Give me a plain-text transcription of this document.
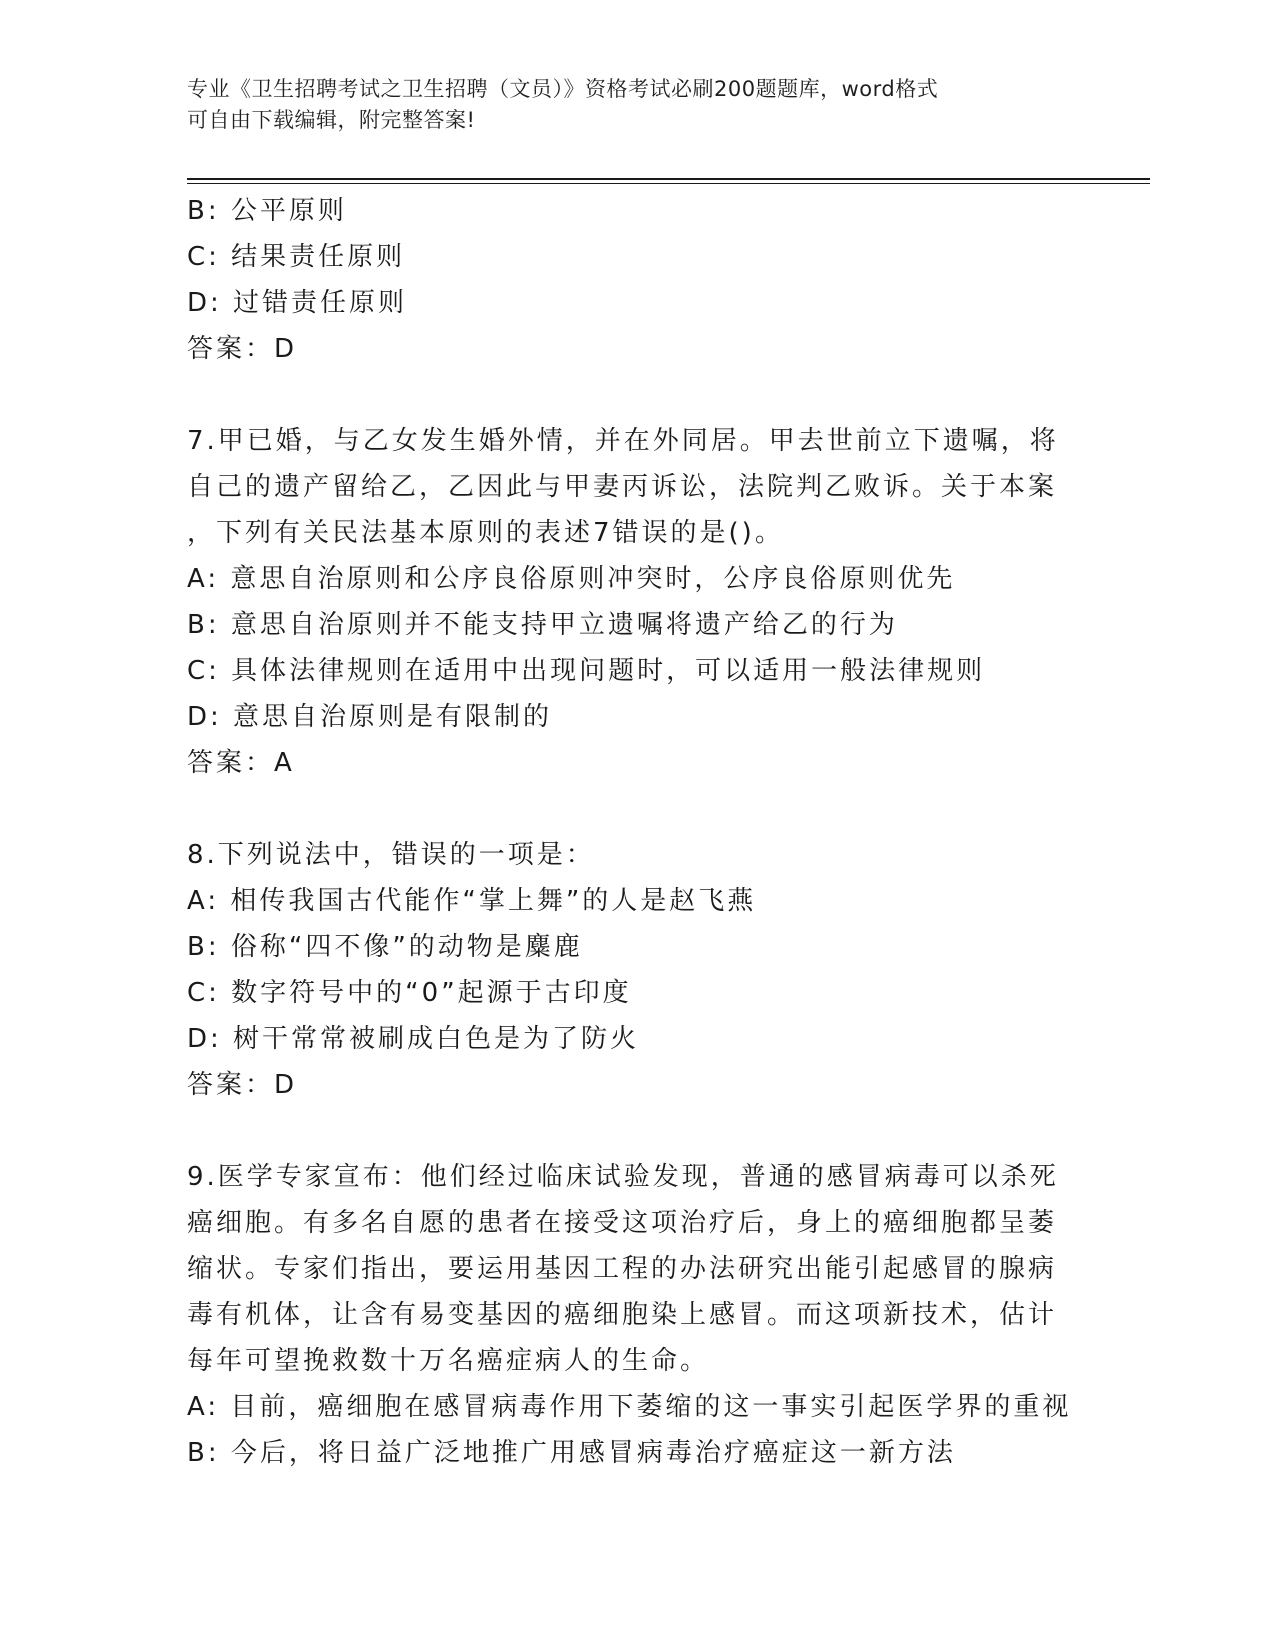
专业《卫生招聘考试之卫生招聘（文员）》资格考试必刷200题题库，word格式
可自由下载编辑，附完整答案!
B: 公平原则
C: 结果责任原则
D: 过错责任原则
答案：D
7.甲已婚，与乙女发生婚外情，并在外同居。甲去世前立下遗嘱，将
自己的遗产留给乙，乙因此与甲妻丙诉讼，法院判乙败诉。关于本案
，下列有关民法基本原则的表述7错误的是()。
A: 意思自治原则和公序良俗原则冲突时，公序良俗原则优先
B: 意思自治原则并不能支持甲立遗嘱将遗产给乙的行为
C: 具体法律规则在适用中出现问题时，可以适用一般法律规则
D: 意思自治原则是有限制的
答案：A
8.下列说法中，错误的一项是：
A: 相传我国古代能作“掌上舞”的人是赵飞燕
B: 俗称“四不像”的动物是麋鹿
C: 数字符号中的“0”起源于古印度
D: 树干常常被刷成白色是为了防火
答案：D
9.医学专家宣布：他们经过临床试验发现，普通的感冒病毒可以杀死
癌细胞。有多名自愿的患者在接受这项治疗后，身上的癌细胞都呈萎
缩状。专家们指出，要运用基因工程的办法研究出能引起感冒的腺病
毒有机体，让含有易变基因的癌细胞染上感冒。而这项新技术，估计
每年可望挽救数十万名癌症病人的生命。
A: 目前，癌细胞在感冒病毒作用下萎缩的这一事实引起医学界的重视
B: 今后，将日益广泛地推广用感冒病毒治疗癌症这一新方法
